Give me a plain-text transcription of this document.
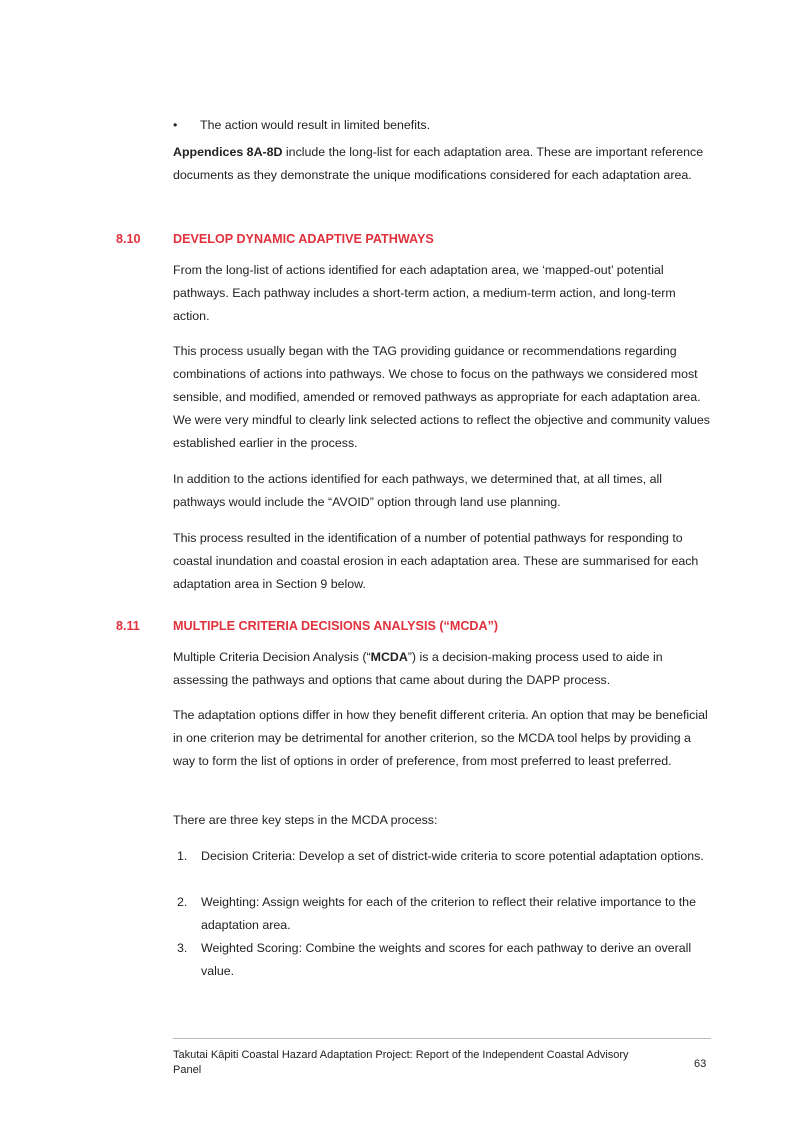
• The action would result in limited benefits.

Appendices 8A-8D include the long-list for each adaptation area. These are important reference documents as they demonstrate the unique modifications considered for each adaptation area.

8.10	DEVELOP DYNAMIC ADAPTIVE PATHWAYS

From the long-list of actions identified for each adaptation area, we ‘mapped-out’ potential pathways. Each pathway includes a short-term action, a medium-term action, and long-term action.

This process usually began with the TAG providing guidance or recommendations regarding combinations of actions into pathways. We chose to focus on the pathways we considered most sensible, and modified, amended or removed pathways as appropriate for each adaptation area. We were very mindful to clearly link selected actions to reflect the objective and community values established earlier in the process.

In addition to the actions identified for each pathways, we determined that, at all times, all pathways would include the “AVOID” option through land use planning.

This process resulted in the identification of a number of potential pathways for responding to coastal inundation and coastal erosion in each adaptation area. These are summarised for each adaptation area in Section 9 below.

8.11	MULTIPLE CRITERIA DECISIONS ANALYSIS (“MCDA”)

Multiple Criteria Decision Analysis (“MCDA”) is a decision-making process used to aide in assessing the pathways and options that came about during the DAPP process.

The adaptation options differ in how they benefit different criteria. An option that may be beneficial in one criterion may be detrimental for another criterion, so the MCDA tool helps by providing a way to form the list of options in order of preference, from most preferred to least preferred.

There are three key steps in the MCDA process:

1. Decision Criteria: Develop a set of district-wide criteria to score potential adaptation options.
2. Weighting: Assign weights for each of the criterion to reflect their relative importance to the adaptation area.
3. Weighted Scoring: Combine the weights and scores for each pathway to derive an overall value.
Takutai Kāpiti Coastal Hazard Adaptation Project: Report of the Independent Coastal Advisory Panel	63
